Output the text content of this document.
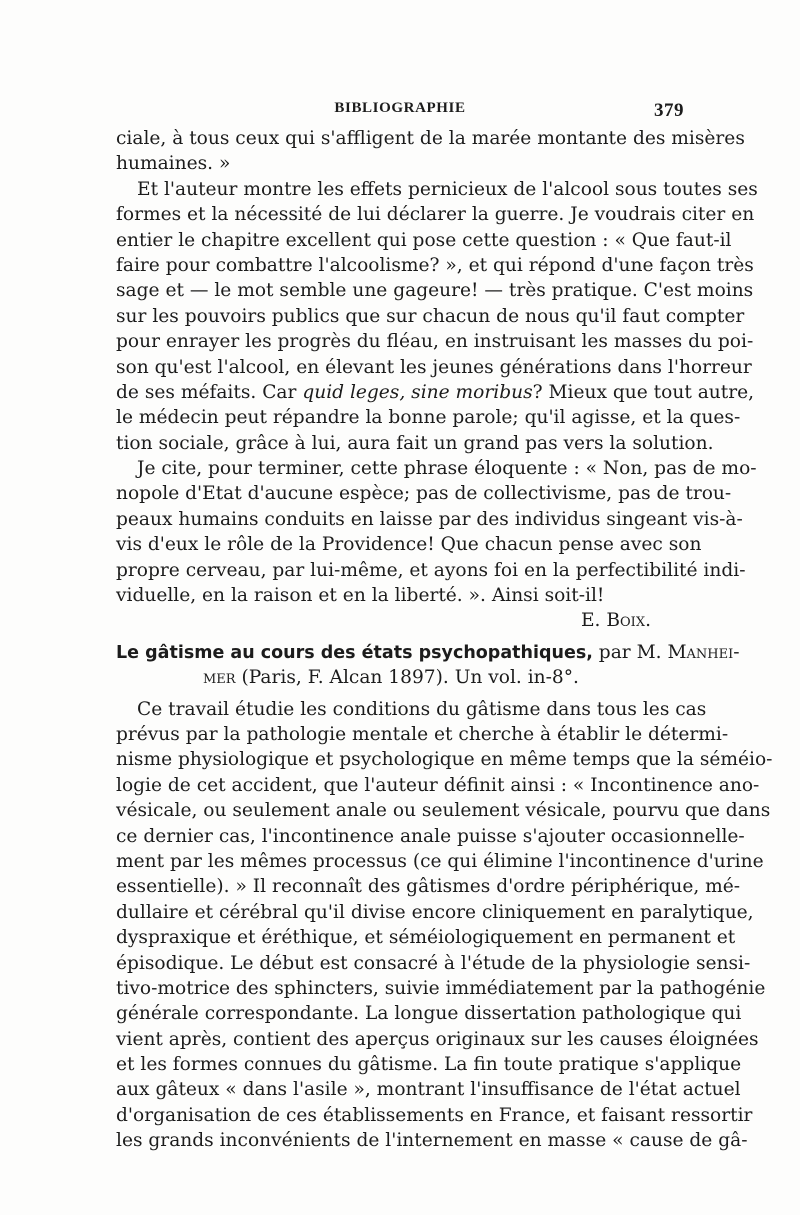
BIBLIOGRAPHIE	379
ciale, à tous ceux qui s'affligent de la marée montante des misères
humaines. »
Et l'auteur montre les effets pernicieux de l'alcool sous toutes ses
formes et la nécessité de lui déclarer la guerre. Je voudrais citer en
entier le chapitre excellent qui pose cette question : « Que faut-il
faire pour combattre l'alcoolisme? », et qui répond d'une façon très
sage et — le mot semble une gageure! — très pratique. C'est moins
sur les pouvoirs publics que sur chacun de nous qu'il faut compter
pour enrayer les progrès du fléau, en instruisant les masses du poi-
son qu'est l'alcool, en élevant les jeunes générations dans l'horreur
de ses méfaits. Car quid leges, sine moribus? Mieux que tout autre,
le médecin peut répandre la bonne parole; qu'il agisse, et la ques-
tion sociale, grâce à lui, aura fait un grand pas vers la solution.
Je cite, pour terminer, cette phrase éloquente : « Non, pas de mo-
nopole d'Etat d'aucune espèce; pas de collectivisme, pas de trou-
peaux humains conduits en laisse par des individus singeant vis-à-
vis d'eux le rôle de la Providence! Que chacun pense avec son
propre cerveau, par lui-même, et ayons foi en la perfectibilité indi-
viduelle, en la raison et en la liberté. ». Ainsi soit-il!
E. Boix.
Le gâtisme au cours des états psychopathiques, par M. Manhei-
mer (Paris, F. Alcan 1897). Un vol. in-8°.
Ce travail étudie les conditions du gâtisme dans tous les cas
prévus par la pathologie mentale et cherche à établir le détermi-
nisme physiologique et psychologique en même temps que la séméio-
logie de cet accident, que l'auteur définit ainsi : « Incontinence ano-
vésicale, ou seulement anale ou seulement vésicale, pourvu que dans
ce dernier cas, l'incontinence anale puisse s'ajouter occasionnelle-
ment par les mêmes processus (ce qui élimine l'incontinence d'urine
essentielle). » Il reconnaît des gâtismes d'ordre périphérique, mé-
dullaire et cérébral qu'il divise encore cliniquement en paralytique,
dyspraxique et éréthique, et séméiologiquement en permanent et
épisodique. Le début est consacré à l'étude de la physiologie sensi-
tivo-motrice des sphincters, suivie immédiatement par la pathogénie
générale correspondante. La longue dissertation pathologique qui
vient après, contient des aperçus originaux sur les causes éloignées
et les formes connues du gâtisme. La fin toute pratique s'applique
aux gâteux « dans l'asile », montrant l'insuffisance de l'état actuel
d'organisation de ces établissements en France, et faisant ressortir
les grands inconvénients de l'internement en masse « cause de gâ-
